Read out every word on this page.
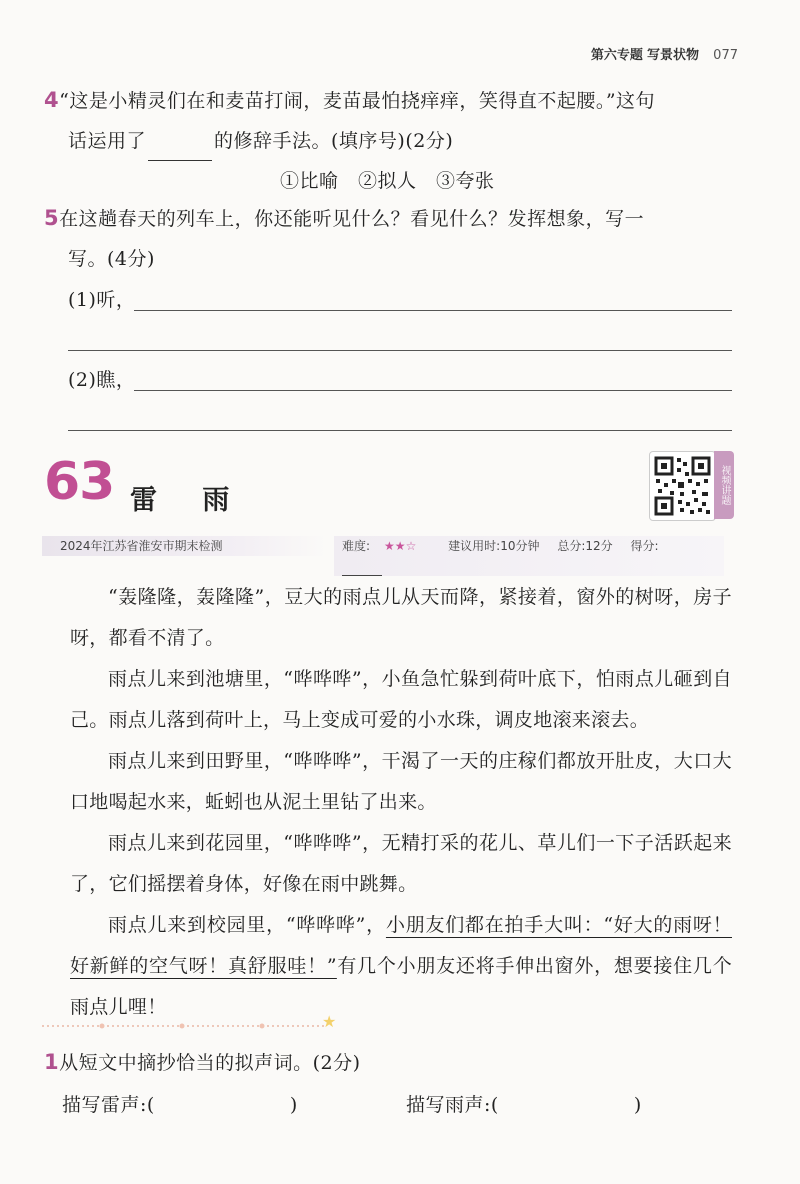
第六专题 写景状物 077
4“这是小精灵们在和麦苗打闹，麦苗最怕挠痒痒，笑得直不起腰。”这句
话运用了	的修辞手法。(填序号)(2分)
①比喻　②拟人　③夸张
5在这趟春天的列车上，你还能听见什么？看见什么？发挥想象，写一
写。(4分)
(1)听，
(2)瞧，
63 雷 雨	视频讲题
2024年江苏省淮安市期末检测	难度: ★★☆	建议用时:10分钟 总分:12分 得分:
“轰隆隆，轰隆隆”，豆大的雨点儿从天而降，紧接着，窗外的树呀，房子呀，都看不清了。
雨点儿来到池塘里，“哗哗哗”，小鱼急忙躲到荷叶底下，怕雨点儿砸到自己。雨点儿落到荷叶上，马上变成可爱的小水珠，调皮地滚来滚去。
雨点儿来到田野里，“哗哗哗”，干渴了一天的庄稼们都放开肚皮，大口大口地喝起水来，蚯蚓也从泥土里钻了出来。
雨点儿来到花园里，“哗哗哗”，无精打采的花儿、草儿们一下子活跃起来了，它们摇摆着身体，好像在雨中跳舞。
雨点儿来到校园里，“哗哗哗”，小朋友们都在拍手大叫：“好大的雨呀！好新鲜的空气呀！真舒服哇！”有几个小朋友还将手伸出窗外，想要接住几个雨点儿哩！
★
1从短文中摘抄恰当的拟声词。(2分)
描写雷声:(	)	描写雨声:(	)
